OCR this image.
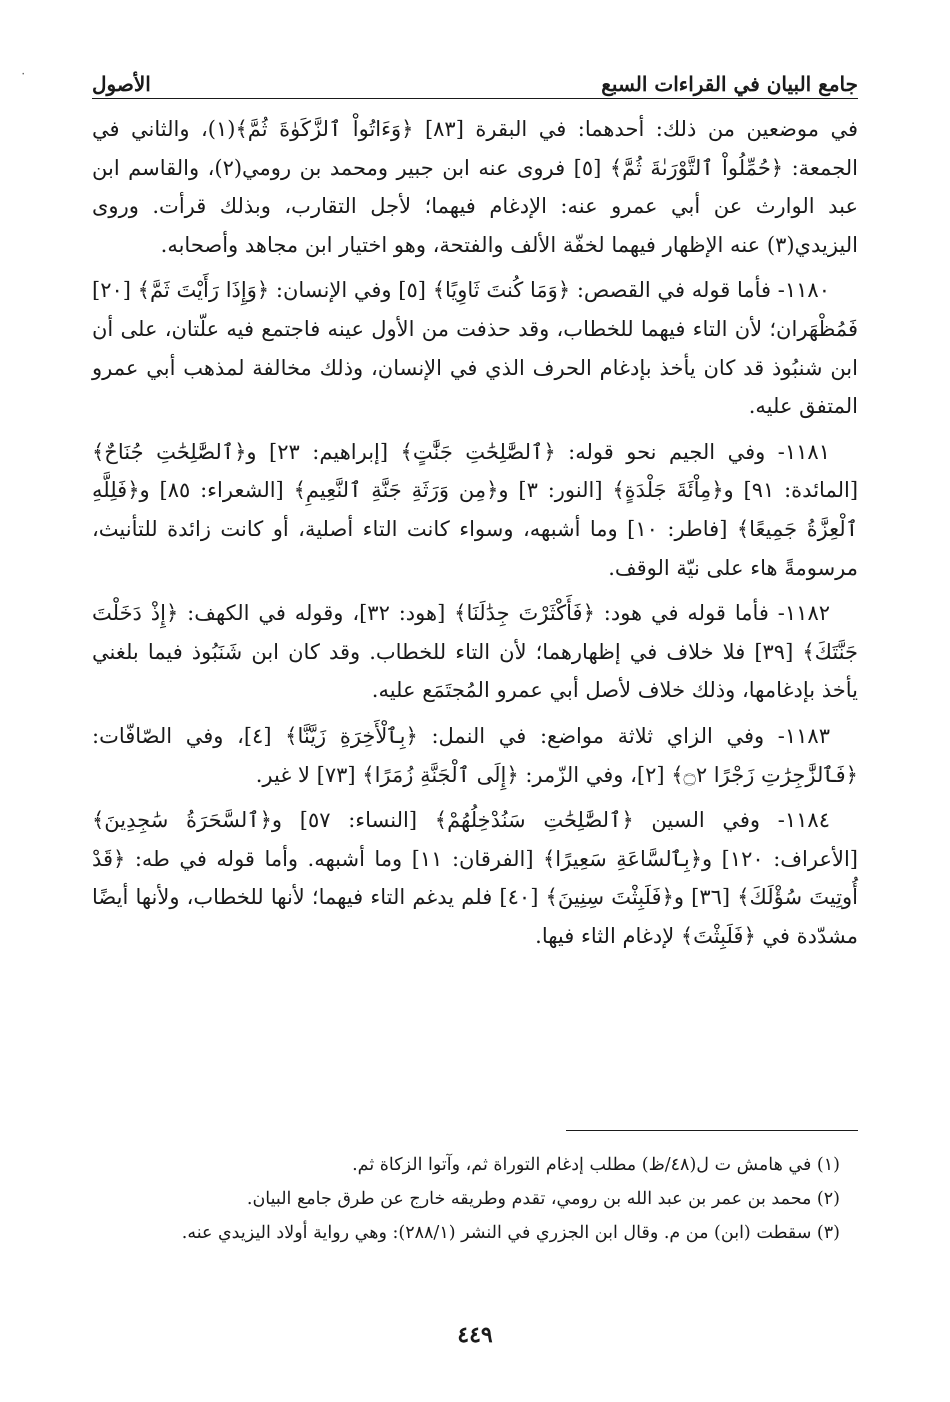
٠	جامع البيان في القراءات السبع
الأصول

في موضعين من ذلك: أحدهما: في البقرة [٨٣] ﴿وَءَاتُواْ ٱلزَّكَوٰةَ ثُمَّ﴾(١)، والثاني في الجمعة: ﴿حُمِّلُواْ ٱلتَّوْرَىٰةَ ثُمَّ﴾ [٥] فروى عنه ابن جبير ومحمد بن رومي(٢)، والقاسم ابن عبد الوارث عن أبي عمرو عنه: الإدغام فيهما؛ لأجل التقارب، وبذلك قرأت. وروى اليزيدي(٣) عنه الإظهار فيهما لخفّة الألف والفتحة، وهو اختيار ابن مجاهد وأصحابه.

١١٨٠- فأما قوله في القصص: ﴿وَمَا كُنتَ ثَاوِيًا﴾ [٥] وفي الإنسان: ﴿وَإِذَا رَأَيْتَ ثَمَّ﴾ [٢٠] فَمُظْهَران؛ لأن التاء فيهما للخطاب، وقد حذفت من الأول عينه فاجتمع فيه علّتان، على أن ابن شنبُوذ قد كان يأخذ بإدغام الحرف الذي في الإنسان، وذلك مخالفة لمذهب أبي عمرو المتفق عليه.

١١٨١- وفي الجيم نحو قوله: ﴿ٱلصَّٰلِحَٰتِ جَنَّٰتٍ﴾ [إبراهيم: ٢٣] و﴿ٱلصَّٰلِحَٰتِ جُنَاحٌ﴾ [المائدة: ٩١] و﴿مِاْئَةَ جَلْدَةٍ﴾ [النور: ٣] و﴿مِن وَرَثَةِ جَنَّةِ ٱلنَّعِيمِ﴾ [الشعراء: ٨٥] و﴿فَلِلَّهِ ٱلْعِزَّةُ جَمِيعًا﴾ [فاطر: ١٠] وما أشبهه، وسواء كانت التاء أصلية، أو كانت زائدة للتأنيث، مرسومةً هاء على نيّة الوقف.

١١٨٢- فأما قوله في هود: ﴿فَأَكْثَرْتَ جِدَٰلَنَا﴾ [هود: ٣٢]، وقوله في الكهف: ﴿إِذْ دَخَلْتَ جَنَّتَكَ﴾ [٣٩] فلا خلاف في إظهارهما؛ لأن التاء للخطاب. وقد كان ابن شَنَبُوذ فيما بلغني يأخذ بإدغامها، وذلك خلاف لأصل أبي عمرو المُجتَمَع عليه.

١١٨٣- وفي الزاي ثلاثة مواضع: في النمل: ﴿بِٱلْأَخِرَةِ زَيَّنَّا﴾ [٤]، وفي الصّافّات: ﴿فَٱلزَّٰجِرَٰتِ زَجْرًا ۝٢﴾ [٢]، وفي الزّمر: ﴿إِلَى ٱلْجَنَّةِ زُمَرًا﴾ [٧٣] لا غير.

١١٨٤- وفي السين ﴿ٱلصَّٰلِحَٰتِ سَنُدْخِلُهُمْ﴾ [النساء: ٥٧] و﴿ٱلسَّحَرَةُ سَٰجِدِينَ﴾ [الأعراف: ١٢٠] و﴿بِٱلسَّاعَةِ سَعِيرًا﴾ [الفرقان: ١١] وما أشبهه. وأما قوله في طه: ﴿قَدْ أُوتِيتَ سُؤْلَكَ﴾ [٣٦] و﴿فَلَبِثْتَ سِنِينَ﴾ [٤٠] فلم يدغم التاء فيهما؛ لأنها للخطاب، ولأنها أيضًا مشدّدة في ﴿فَلَبِثْتَ﴾ لإدغام الثاء فيها.

(١) في هامش ت ل(٤٨/ظ) مطلب إدغام التوراة ثم، وآتوا الزكاة ثم.

(٢) محمد بن عمر بن عبد الله بن رومي، تقدم وطريقه خارج عن طرق جامع البيان.

(٣) سقطت (ابن) من م. وقال ابن الجزري في النشر (٢٨٨/١): وهي رواية أولاد اليزيدي عنه.

٤٤٩
